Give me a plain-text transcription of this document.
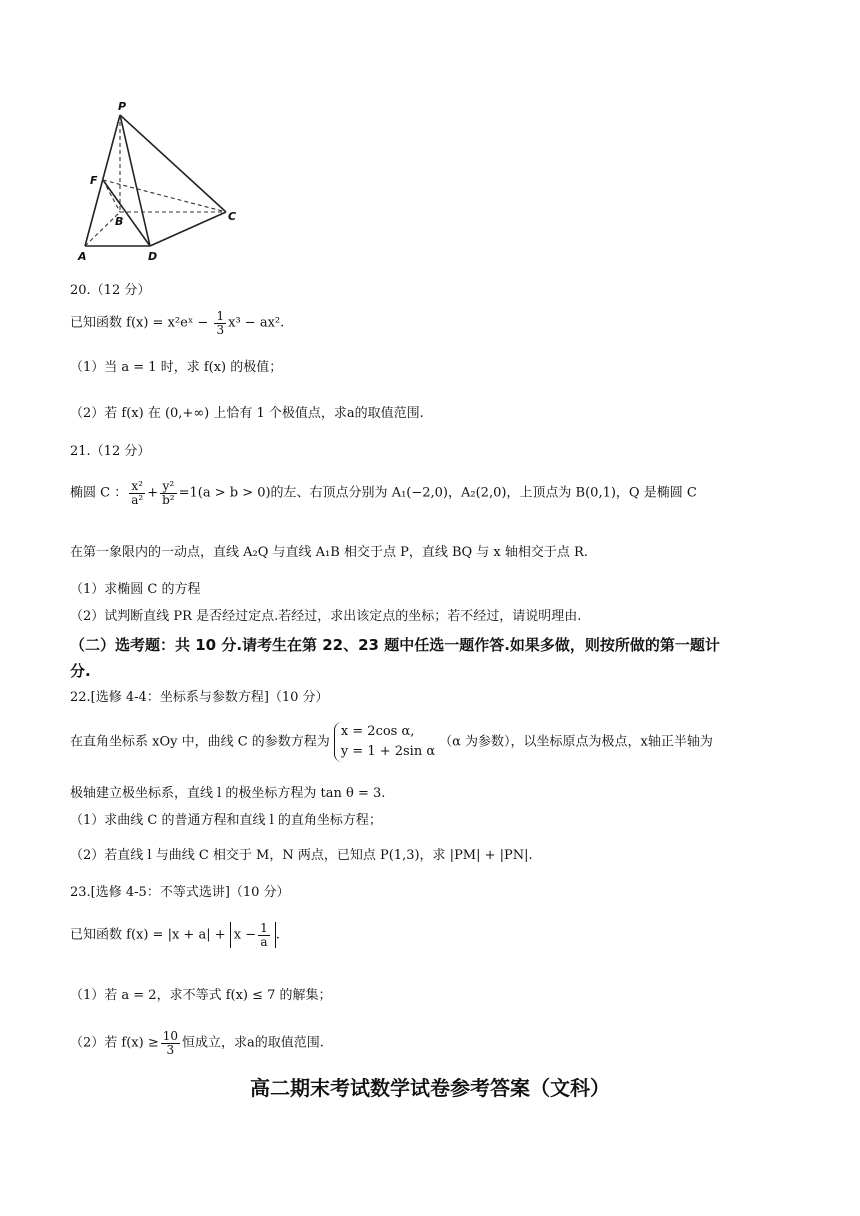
P
F
B	C
A	D
20.（12 分）
已知函数 f(x) = x²eˣ − $\frac{1}{3} x^3 - ax^2$.
（1）当 a = 1 时，求 f(x) 的极值；
（2）若 f(x) 在 (0,+∞) 上恰有 1 个极值点，求a的取值范围.
21.（12 分）
椭圆 C ： $\frac{\text{x²}}{\text{a²}} + \frac{\text{y²}}{\text{b²}} =1(a > b > 0)$的左、右顶点分别为 A₁(−2,0)，A₂(2,0)，上顶点为 B(0,1)，Q 是椭圆 C
在第一象限内的一动点，直线 A₂Q 与直线 A₁B 相交于点 P，直线 BQ 与 x 轴相交于点 R.
（1）求椭圆 C 的方程
（2）试判断直线 PR 是否经过定点.若经过，求出该定点的坐标；若不经过，请说明理由.
（二）选考题：共 10 分.请考生在第 22、23 题中任选一题作答.如果多做，则按所做的第一题计
分.
22.[选修 4-4：坐标系与参数方程]（10 分）
在直角坐标系 xOy 中，曲线 C 的参数方程为
x = 2cos α,
y = 1 + 2sin α
（α 为参数），以坐标原点为极点，x轴正半轴为
极轴建立极坐标系，直线 l 的极坐标方程为 tan θ = 3.
（1）求曲线 C 的普通方程和直线 l 的直角坐标方程；
（2）若直线 l 与曲线 C 相交于 M，N 两点，已知点 P(1,3)，求 |PM| + |PN|.
23.[选修 4-5：不等式选讲]（10 分）
已知函数 $f(x) = |x + a| + x - \frac{1}{a}$ .
（1）若 a = 2，求不等式 f(x) ≤ 7 的解集；
（2）若 $f(x) \ge \frac{10}{3}$ 恒成立，求a的取值范围.
高二期末考试数学试卷参考答案（文科）
